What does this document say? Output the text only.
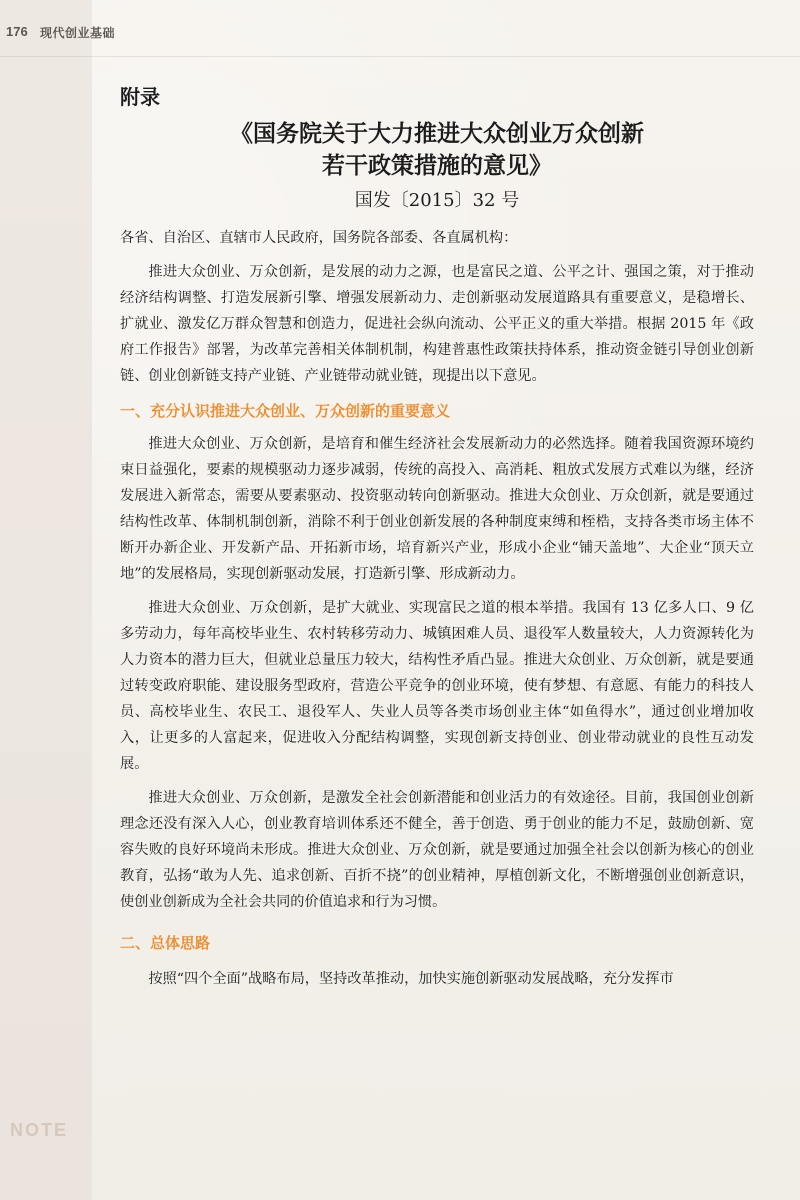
176 现代创业基础
NOTE
附录

《国务院关于大力推进大众创业万众创新

若干政策措施的意见》

国发〔2015〕32 号

各省、自治区、直辖市人民政府，国务院各部委、各直属机构：

推进大众创业、万众创新，是发展的动力之源，也是富民之道、公平之计、强国之策，对于推动经济结构调整、打造发展新引擎、增强发展新动力、走创新驱动发展道路具有重要意义，是稳增长、扩就业、激发亿万群众智慧和创造力，促进社会纵向流动、公平正义的重大举措。根据 2015 年《政府工作报告》部署，为改革完善相关体制机制，构建普惠性政策扶持体系，推动资金链引导创业创新链、创业创新链支持产业链、产业链带动就业链，现提出以下意见。

一、充分认识推进大众创业、万众创新的重要意义

推进大众创业、万众创新，是培育和催生经济社会发展新动力的必然选择。随着我国资源环境约束日益强化，要素的规模驱动力逐步减弱，传统的高投入、高消耗、粗放式发展方式难以为继，经济发展进入新常态，需要从要素驱动、投资驱动转向创新驱动。推进大众创业、万众创新，就是要通过结构性改革、体制机制创新，消除不利于创业创新发展的各种制度束缚和桎梏，支持各类市场主体不断开办新企业、开发新产品、开拓新市场，培育新兴产业，形成小企业“铺天盖地”、大企业“顶天立地”的发展格局，实现创新驱动发展，打造新引擎、形成新动力。

推进大众创业、万众创新，是扩大就业、实现富民之道的根本举措。我国有 13 亿多人口、9 亿多劳动力，每年高校毕业生、农村转移劳动力、城镇困难人员、退役军人数量较大，人力资源转化为人力资本的潜力巨大，但就业总量压力较大，结构性矛盾凸显。推进大众创业、万众创新，就是要通过转变政府职能、建设服务型政府，营造公平竞争的创业环境，使有梦想、有意愿、有能力的科技人员、高校毕业生、农民工、退役军人、失业人员等各类市场创业主体“如鱼得水”，通过创业增加收入，让更多的人富起来，促进收入分配结构调整，实现创新支持创业、创业带动就业的良性互动发展。

推进大众创业、万众创新，是激发全社会创新潜能和创业活力的有效途径。目前，我国创业创新理念还没有深入人心，创业教育培训体系还不健全，善于创造、勇于创业的能力不足，鼓励创新、宽容失败的良好环境尚未形成。推进大众创业、万众创新，就是要通过加强全社会以创新为核心的创业教育，弘扬“敢为人先、追求创新、百折不挠”的创业精神，厚植创新文化，不断增强创业创新意识，使创业创新成为全社会共同的价值追求和行为习惯。

二、总体思路

按照“四个全面”战略布局，坚持改革推动，加快实施创新驱动发展战略，充分发挥市
